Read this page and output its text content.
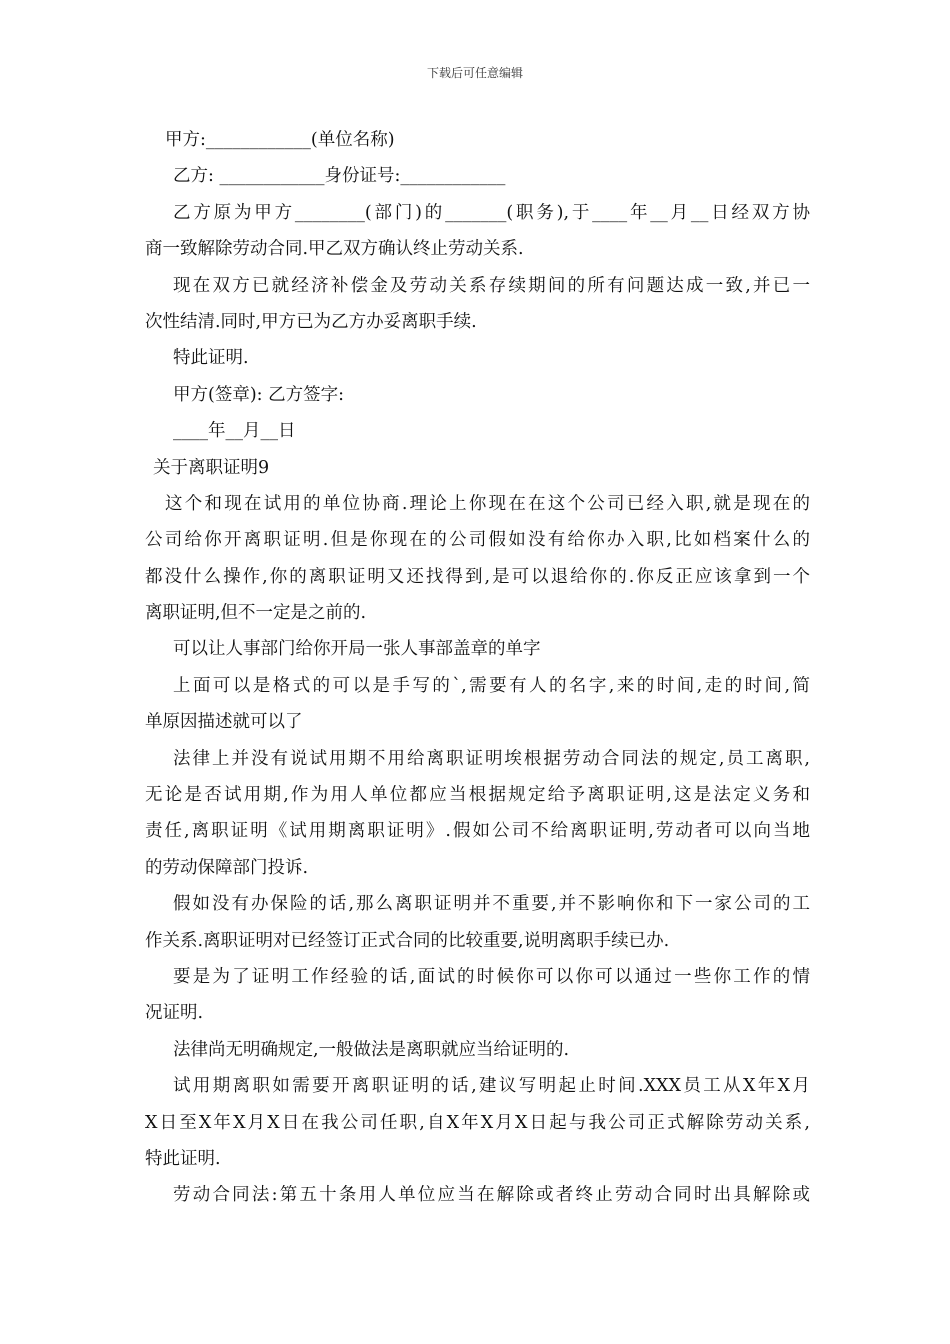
下载后可任意编辑
甲方:____________(单位名称)
乙方: ____________身份证号:____________
乙方原为甲方________(部门)的_______(职务),于____年__月__日经双方协
商一致解除劳动合同.甲乙双方确认终止劳动关系.
现在双方已就经济补偿金及劳动关系存续期间的所有问题达成一致,并已一
次性结清.同时,甲方已为乙方办妥离职手续.
特此证明.
甲方(签章): 乙方签字:
____年__月__日
关于离职证明9
这个和现在试用的单位协商.理论上你现在在这个公司已经入职,就是现在的
公司给你开离职证明.但是你现在的公司假如没有给你办入职,比如档案什么的
都没什么操作,你的离职证明又还找得到,是可以退给你的.你反正应该拿到一个
离职证明,但不一定是之前的.
可以让人事部门给你开局一张人事部盖章的单字
上面可以是格式的可以是手写的`,需要有人的名字,来的时间,走的时间,简
单原因描述就可以了
法律上并没有说试用期不用给离职证明埃根据劳动合同法的规定,员工离职,
无论是否试用期,作为用人单位都应当根据规定给予离职证明,这是法定义务和
责任,离职证明《试用期离职证明》.假如公司不给离职证明,劳动者可以向当地
的劳动保障部门投诉.
假如没有办保险的话,那么离职证明并不重要,并不影响你和下一家公司的工
作关系.离职证明对已经签订正式合同的比较重要,说明离职手续已办.
要是为了证明工作经验的话,面试的时候你可以你可以通过一些你工作的情
况证明.
法律尚无明确规定,一般做法是离职就应当给证明的.
试用期离职如需要开离职证明的话,建议写明起止时间.XXX员工从X年X月
X日至X年X月X日在我公司任职,自X年X月X日起与我公司正式解除劳动关系,
特此证明.
劳动合同法:第五十条用人单位应当在解除或者终止劳动合同时出具解除或
